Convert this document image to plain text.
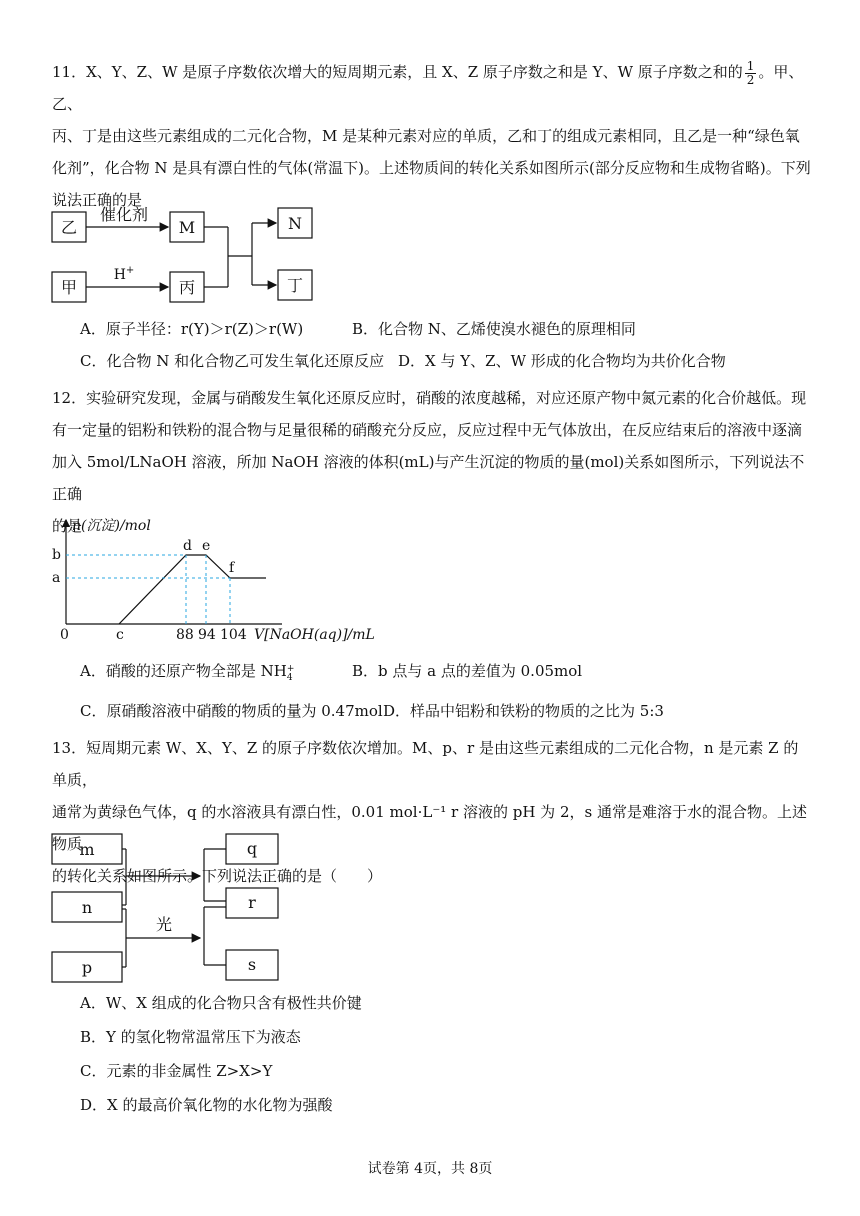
11．X、Y、Z、W 是原子序数依次增大的短周期元素，且 X、Z 原子序数之和是 Y、W 原子序数之和的 $\frac{1}{2}$ 。甲、乙、
丙、丁是由这些元素组成的二元化合物，M 是某种元素对应的单质，乙和丁的组成元素相同，且乙是一种“绿色氧
化剂”，化合物 N 是具有漂白性的气体(常温下)。上述物质间的转化关系如图所示(部分反应物和生成物省略)。下列
说法正确的是
乙	M	N
甲	丙	丁
催化剂
H+
A．原子半径：r(Y)＞r(Z)＞r(W)	B．化合物 N、乙烯使溴水褪色的原理相同
C．化合物 N 和化合物乙可发生氧化还原反应 D．X 与 Y、Z、W 形成的化合物均为共价化合物
12．实验研究发现，金属与硝酸发生氧化还原反应时，硝酸的浓度越稀，对应还原产物中氮元素的化合价越低。现
有一定量的铝粉和铁粉的混合物与足量很稀的硝酸充分反应，反应过程中无气体放出，在反应结束后的溶液中逐滴
加入 5mol/LNaOH 溶液，所加 NaOH 溶液的体积(mL)与产生沉淀的物质的量(mol)关系如图所示，下列说法不正确
的是
n(沉淀)/mol
b
a
0	c	88 94 104 V[NaOH(aq)]/mL
d e
f
A．硝酸的还原产物全部是 NH +
4	B．b 点与 a 点的差值为 0.05mol
C．原硝酸溶液中硝酸的物质的量为 0.47mol D．样品中铝粉和铁粉的物质的之比为 5:3
13．短周期元素 W、X、Y、Z 的原子序数依次增加。M、p、r 是由这些元素组成的二元化合物，n 是元素 Z 的单质，
通常为黄绿色气体，q 的水溶液具有漂白性，0.01 mol·L⁻¹ r 溶液的 pH 为 2，s 通常是难溶于水的混合物。上述物质
的转化关系如图所示。下列说法正确的是（　　）
m
n
p
q
r
s
光
A．W、X 组成的化合物只含有极性共价键
B．Y 的氢化物常温常压下为液态
C．元素的非金属性 Z>X>Y
D．X 的最高价氧化物的水化物为强酸
试卷第 4页，共 8页
